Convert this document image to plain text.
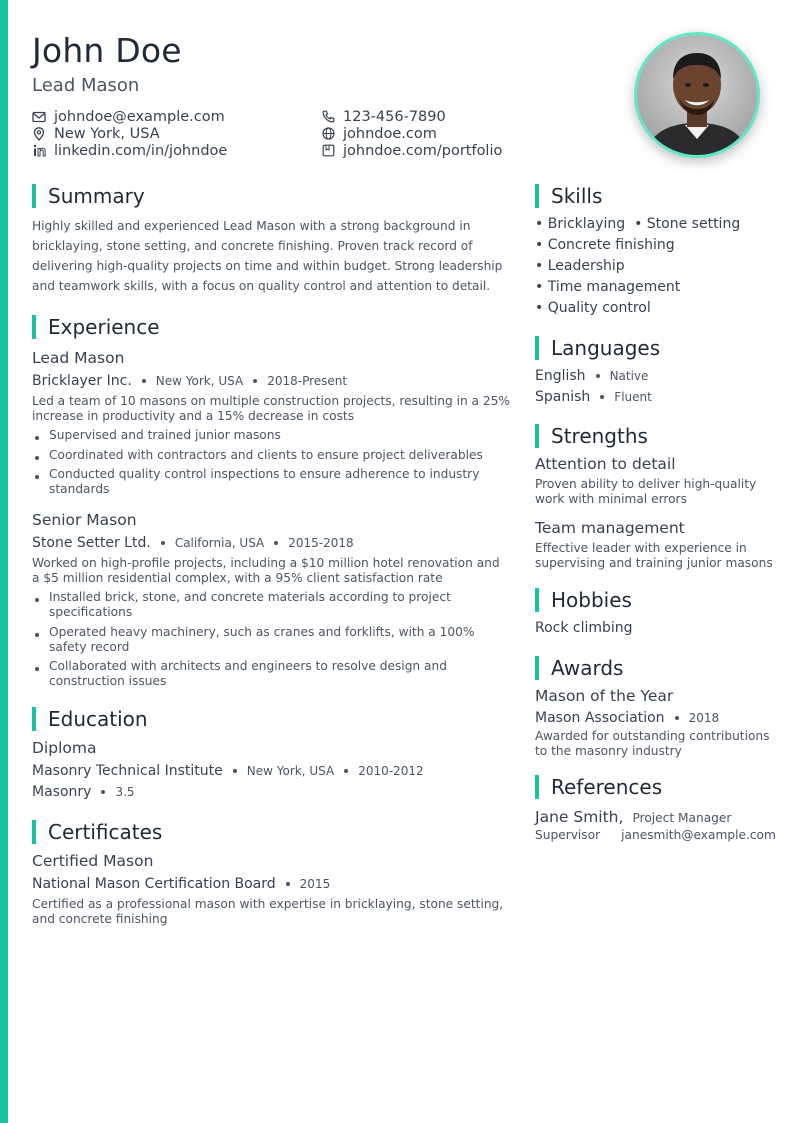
John Doe
Lead Mason
johndoe@example.com
New York, USA
linkedin.com/in/johndoe
123-456-7890
johndoe.com
johndoe.com/portfolio
Summary
Highly skilled and experienced Lead Mason with a strong background in bricklaying, stone setting, and concrete finishing. Proven track record of delivering high-quality projects on time and within budget. Strong leadership and teamwork skills, with a focus on quality control and attention to detail.
Experience
Lead Mason
Bricklayer Inc. New York, USA 2018-Present
Led a team of 10 masons on multiple construction projects, resulting in a 25% increase in productivity and a 15% decrease in costs
Supervised and trained junior masons
Coordinated with contractors and clients to ensure project deliverables
Conducted quality control inspections to ensure adherence to industry standards
Senior Mason
Stone Setter Ltd. California, USA 2015-2018
Worked on high-profile projects, including a $10 million hotel renovation and a $5 million residential complex, with a 95% client satisfaction rate
Installed brick, stone, and concrete materials according to project specifications
Operated heavy machinery, such as cranes and forklifts, with a 100% safety record
Collaborated with architects and engineers to resolve design and construction issues
Education
Diploma
Masonry Technical Institute New York, USA 2010-2012
Masonry 3.5
Certificates
Certified Mason
National Mason Certification Board 2015
Certified as a professional mason with expertise in bricklaying, stone setting, and concrete finishing
Skills
• Bricklaying  • Stone setting
• Concrete finishing
• Leadership
• Time management
• Quality control
Languages
English Native
Spanish Fluent
Strengths
Attention to detail
Proven ability to deliver high-quality work with minimal errors
Team management
Effective leader with experience in supervising and training junior masons
Hobbies
Rock climbing
Awards
Mason of the Year
Mason Association 2018
Awarded for outstanding contributions to the masonry industry
References
Jane Smith, Project Manager
Supervisor janesmith@example.com
